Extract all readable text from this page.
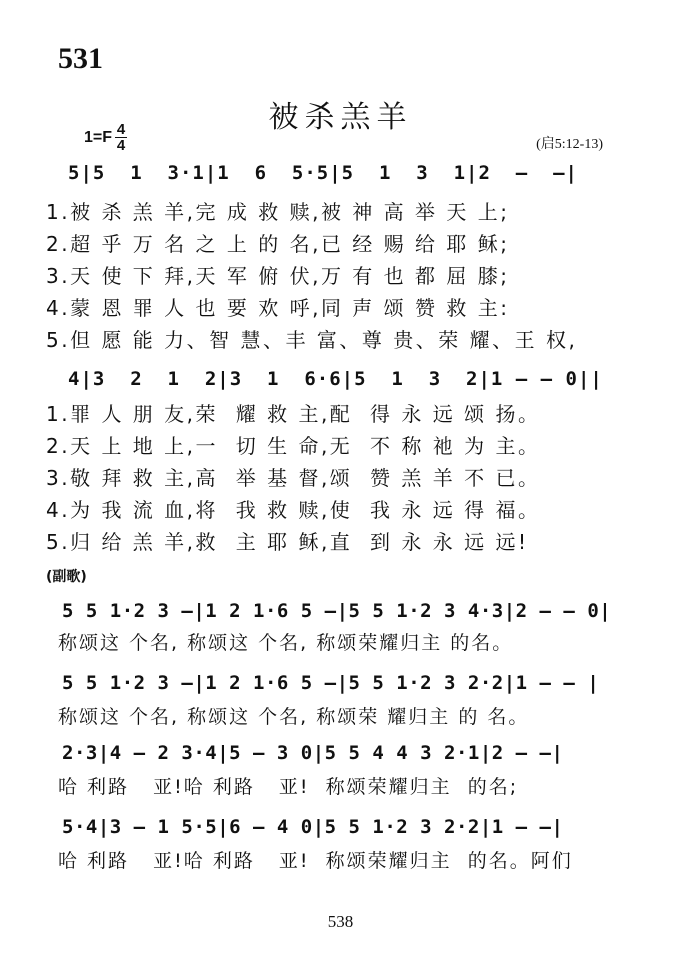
531
被杀羔羊
1=F 4
4	(启5:12-13)
5|5  1  3·1|1  6  5·5|5  1  3  1|2  –  –|
1.被 杀 羔 羊,完 成 救 赎,被 神 高 举 天 上;
2.超 乎 万 名 之 上 的 名,已 经 赐 给 耶 稣;
3.天 使 下 拜,天 军 俯 伏,万 有 也 都 屈 膝;
4.蒙 恩 罪 人 也 要 欢 呼,同 声 颂 赞 救 主:
5.但 愿 能 力、智 慧、丰 富、尊 贵、荣 耀、王 权,
4|3  2  1  2|3  1  6·6|5  1  3  2|1 – – 0||
1.罪 人 朋 友,荣  耀 救 主,配  得 永 远 颂 扬。
2.天 上 地 上,一  切 生 命,无  不 称 祂 为 主。
3.敬 拜 救 主,高  举 基 督,颂  赞 羔 羊 不 已。
4.为 我 流 血,将  我 救 赎,使  我 永 远 得 福。
5.归 给 羔 羊,救  主 耶 稣,直  到 永 永 远 远!
(副歌)
5 5 1·2 3 –|1 2 1·6 5 –|5 5 1·2 3 4·3|2 – – 0|
称颂这 个名, 称颂这 个名, 称颂荣耀归主 的名。
5 5 1·2 3 –|1 2 1·6 5 –|5 5 1·2 3 2·2|1 – – |
称颂这 个名, 称颂这 个名, 称颂荣 耀归主 的 名。
2·3|4 – 2 3·4|5 – 3 0|5 5 4 4 3 2·1|2 – –|
哈 利路   亚!哈 利路   亚!  称颂荣耀归主  的名;
5·4|3 – 1 5·5|6 – 4 0|5 5 1·2 3 2·2|1 – –|
哈 利路   亚!哈 利路   亚!  称颂荣耀归主  的名。阿们
538
